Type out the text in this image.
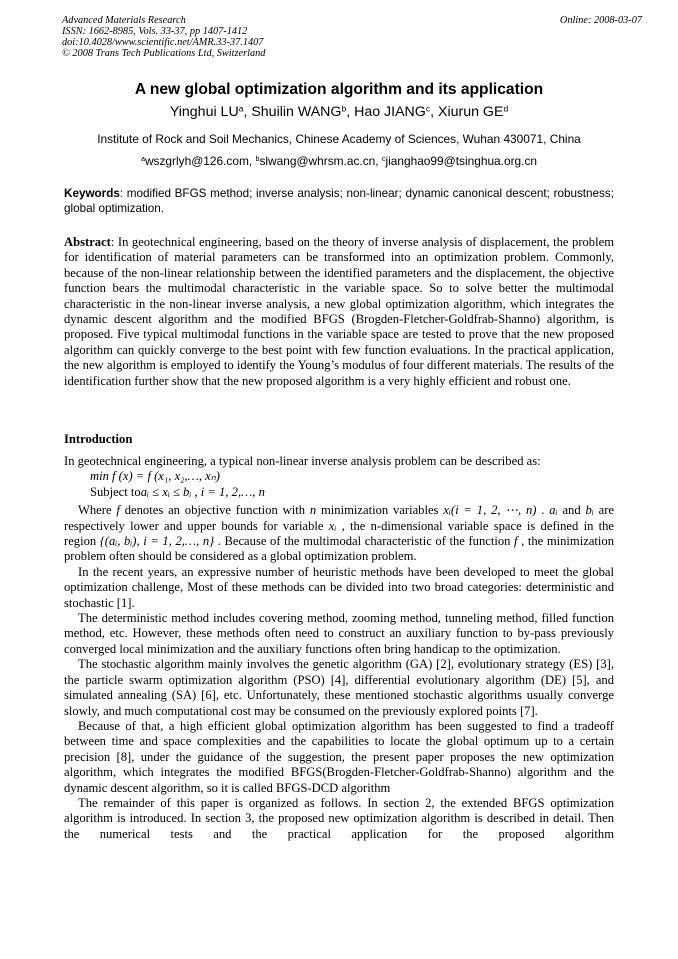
Advanced Materials Research
ISSN: 1662-8985, Vols. 33-37, pp 1407-1412
doi:10.4028/www.scientific.net/AMR.33-37.1407
© 2008 Trans Tech Publications Ltd, Switzerland
Online: 2008-03-07
A new global optimization algorithm and its application
Yinghui $LU^a$, Shuilin WANG$^b$, Hao JIANG$^c$, Xiurun $GE^d$
Institute of Rock and Soil Mechanics, Chinese Academy of Sciences, Wuhan 430071, China
$^a$wszgrlyh@126.com, $^b$slwang@whrsm.ac.cn, $^c$jianghao99@tsinghua.org.cn
Keywords: modified BFGS method; inverse analysis; non-linear; dynamic canonical descent; robustness; global optimization.
Abstract: In geotechnical engineering, based on the theory of inverse analysis of displacement, the problem for identification of material parameters can be transformed into an optimization problem. Commonly, because of the non-linear relationship between the identified parameters and the displacement, the objective function bears the multimodal characteristic in the variable space. So to solve better the multimodal characteristic in the non-linear inverse analysis, a new global optimization algorithm, which integrates the dynamic descent algorithm and the modified BFGS (Brogden-Fletcher-Goldfrab-Shanno) algorithm, is proposed. Five typical multimodal functions in the variable space are tested to prove that the new proposed algorithm can quickly converge to the best point with few function evaluations. In the practical application, the new algorithm is employed to identify the Young’s modulus of four different materials. The results of the identification further show that the new proposed algorithm is a very highly efficient and robust one.
Introduction

In geotechnical engineering, a typical non-linear inverse analysis problem can be described as:

min f (x) = f (x₁, x₂,…, xₙ)

Subject toaᵢ ≤ xᵢ ≤ bᵢ , i = 1, 2,…, n

Where f denotes an objective function with n minimization variables xᵢ(i = 1, 2, ⋯, n) . aᵢ and bᵢ are respectively lower and upper bounds for variable xᵢ , the n-dimensional variable space is defined in the region {(aᵢ, bᵢ), i = 1, 2,…, n} . Because of the multimodal characteristic of the function f , the minimization problem often should be considered as a global optimization problem.

In the recent years, an expressive number of heuristic methods have been developed to meet the global optimization challenge, Most of these methods can be divided into two broad categories: deterministic and stochastic [1].

The deterministic method includes covering method, zooming method, tunneling method, filled function method, etc. However, these methods often need to construct an auxiliary function to by-pass previously converged local minimization and the auxiliary functions often bring handicap to the optimization.

The stochastic algorithm mainly involves the genetic algorithm (GA) [2], evolutionary strategy (ES) [3], the particle swarm optimization algorithm (PSO) [4], differential evolutionary algorithm (DE) [5], and simulated annealing (SA) [6], etc. Unfortunately, these mentioned stochastic algorithms usually converge slowly, and much computational cost may be consumed on the previously explored points [7].

Because of that, a high efficient global optimization algorithm has been suggested to find a tradeoff between time and space complexities and the capabilities to locate the global optimum up to a certain precision [8], under the guidance of the suggestion, the present paper proposes the new optimization algorithm, which integrates the modified BFGS(Brogden-Fletcher-Goldfrab-Shanno) algorithm and the dynamic descent algorithm, so it is called BFGS-DCD algorithm

The remainder of this paper is organized as follows. In section 2, the extended BFGS optimization algorithm is introduced. In section 3, the proposed new optimization algorithm is described in detail. Then the numerical tests and the practical application for the proposed algorithm
